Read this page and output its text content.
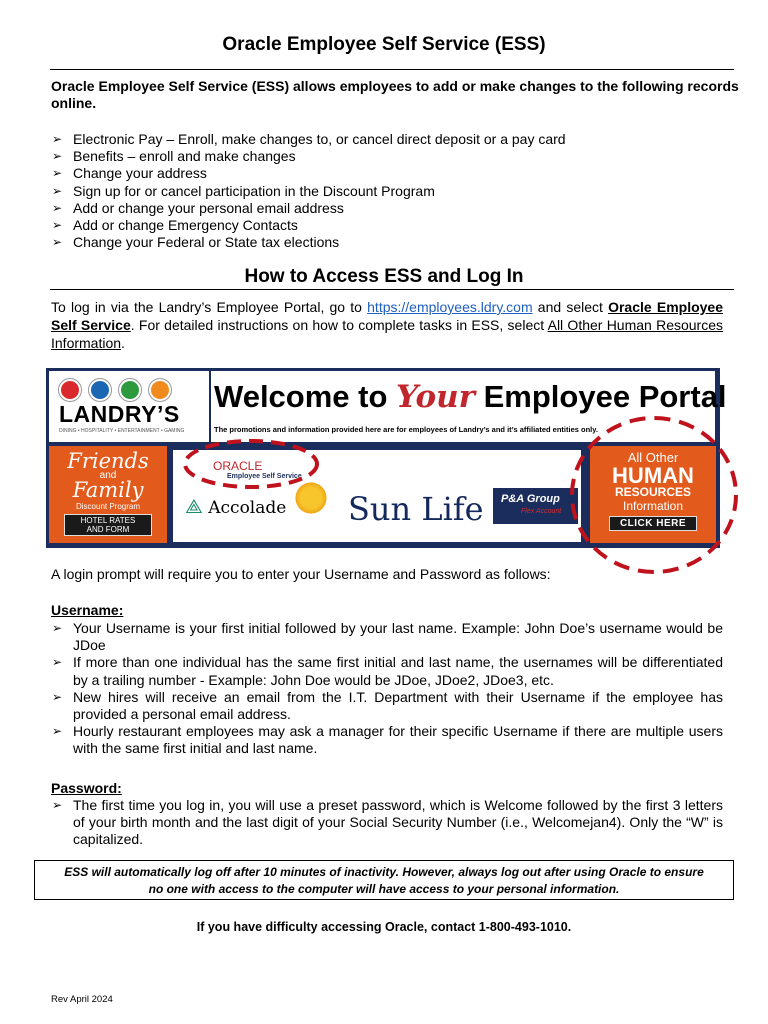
Oracle Employee Self Service (ESS)
Oracle Employee Self Service (ESS) allows employees to add or make changes to the following records online.
➢ Electronic Pay – Enroll, make changes to, or cancel direct deposit or a pay card
➢ Benefits – enroll and make changes
➢ Change your address
➢ Sign up for or cancel participation in the Discount Program
➢ Add or change your personal email address
➢ Add or change Emergency Contacts
➢ Change your Federal or State tax elections
How to Access ESS and Log In
To log in via the Landry’s Employee Portal, go to https://employees.ldry.com and select Oracle Employee Self Service. For detailed instructions on how to complete tasks in ESS, select All Other Human Resources Information.
LANDRY’S
DINING • HOSPITALITY • ENTERTAINMENT • GAMING
Welcome to Your Employee Portal
The promotions and information provided here are for employees of Landry’s and it’s affiliated entities only.
Friends
and
Family
Discount Program
HOTEL RATES AND FORM
ORACLE
Employee Self Service
⟁ Accolade Sun Life P&A Group
Flex Account
All Other
HUMAN
RESOURCES
Information
CLICK HERE
A login prompt will require you to enter your Username and Password as follows:
Username:
➢ Your Username is your first initial followed by your last name. Example: John Doe’s username would be JDoe
➢ If more than one individual has the same first initial and last name, the usernames will be differentiated by a trailing number - Example: John Doe would be JDoe, JDoe2, JDoe3, etc.
➢ New hires will receive an email from the I.T. Department with their Username if the employee has provided a personal email address.
➢ Hourly restaurant employees may ask a manager for their specific Username if there are multiple users with the same first initial and last name.
Password:
➢ The first time you log in, you will use a preset password, which is Welcome followed by the first 3 letters of your birth month and the last digit of your Social Security Number (i.e., Welcomejan4). Only the “W” is capitalized.
ESS will automatically log off after 10 minutes of inactivity. However, always log out after using Oracle to ensure
no one with access to the computer will have access to your personal information.
If you have difficulty accessing Oracle, contact 1-800-493-1010.
Rev April 2024
